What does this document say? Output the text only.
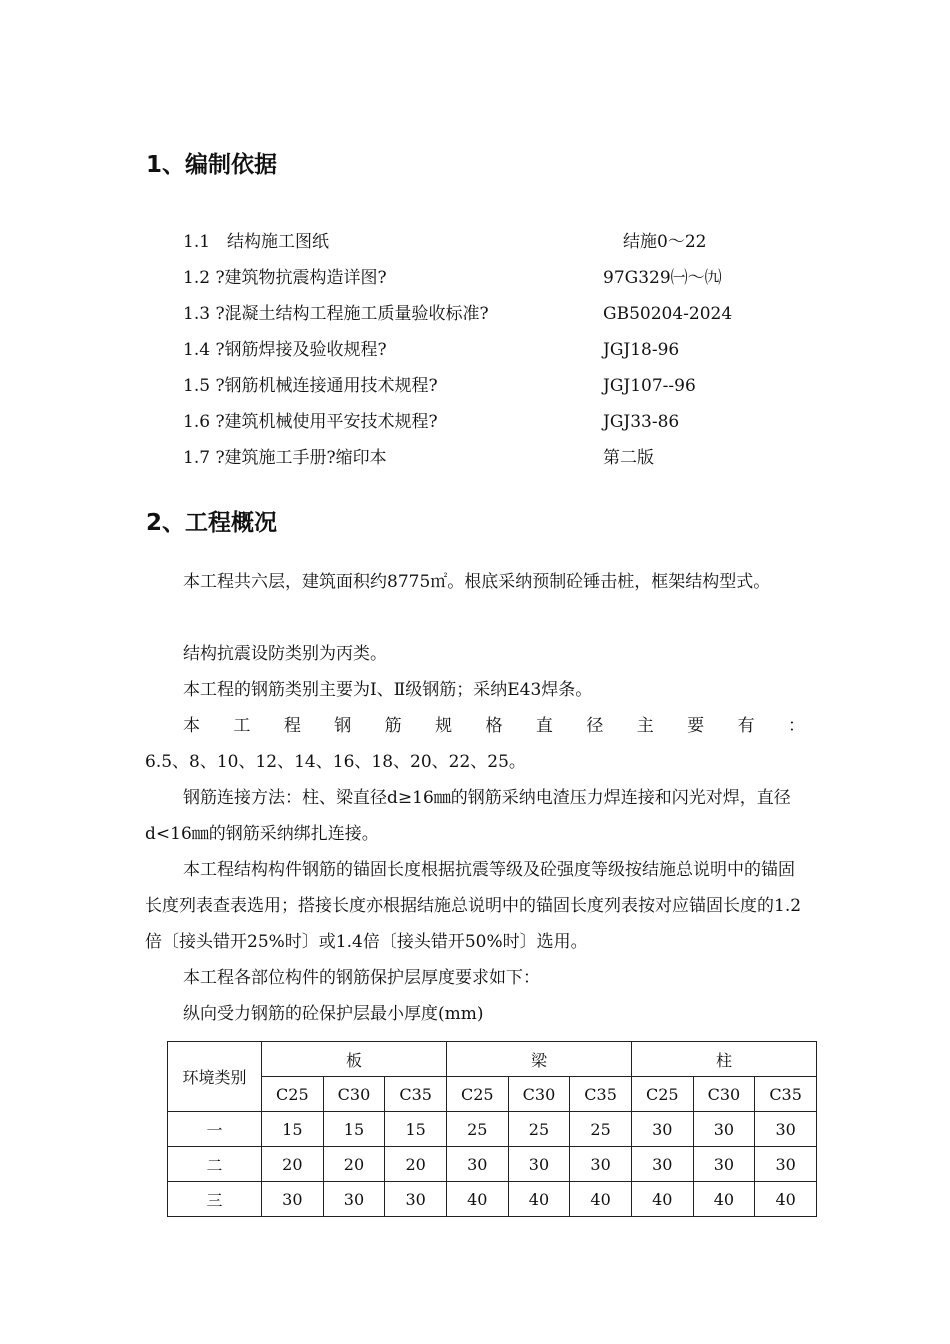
1、编制依据
1.1　结构施工图纸	结施0～22
1.2 ?建筑物抗震构造详图?	97G329㈠～㈨
1.3 ?混凝土结构工程施工质量验收标准?	GB50204-2024
1.4 ?钢筋焊接及验收规程?	JGJ18-96
1.5 ?钢筋机械连接通用技术规程?	JGJ107--96
1.6 ?建筑机械使用平安技术规程?	JGJ33-86
1.7 ?建筑施工手册?缩印本	第二版
2、工程概况

本工程共六层，建筑面积约8775㎡。根底采纳预制砼锤击桩，框架结构型式。

结构抗震设防类别为丙类。

本工程的钢筋类别主要为Ⅰ、Ⅱ级钢筋；采纳E43焊条。

本工程钢筋规格直径主要有：

6.5、8、10、12、14、16、18、20、22、25。

钢筋连接方法：柱、梁直径d≥16㎜的钢筋采纳电渣压力焊连接和闪光对焊，直径d<16㎜的钢筋采纳绑扎连接。

本工程结构构件钢筋的锚固长度根据抗震等级及砼强度等级按结施总说明中的锚固长度列表查表选用；搭接长度亦根据结施总说明中的锚固长度列表按对应锚固长度的1.2倍〔接头错开25%时〕或1.4倍〔接头错开50%时〕选用。

本工程各部位构件的钢筋保护层厚度要求如下：

纵向受力钢筋的砼保护层最小厚度(mm)

环境类别	板			梁			柱		
	C25	C30	C35	C25	C30	C35	C25	C30	C35
一	15	15	15	25	25	25	30	30	30
二	20	20	20	30	30	30	30	30	30
三	30	30	30	40	40	40	40	40	40
